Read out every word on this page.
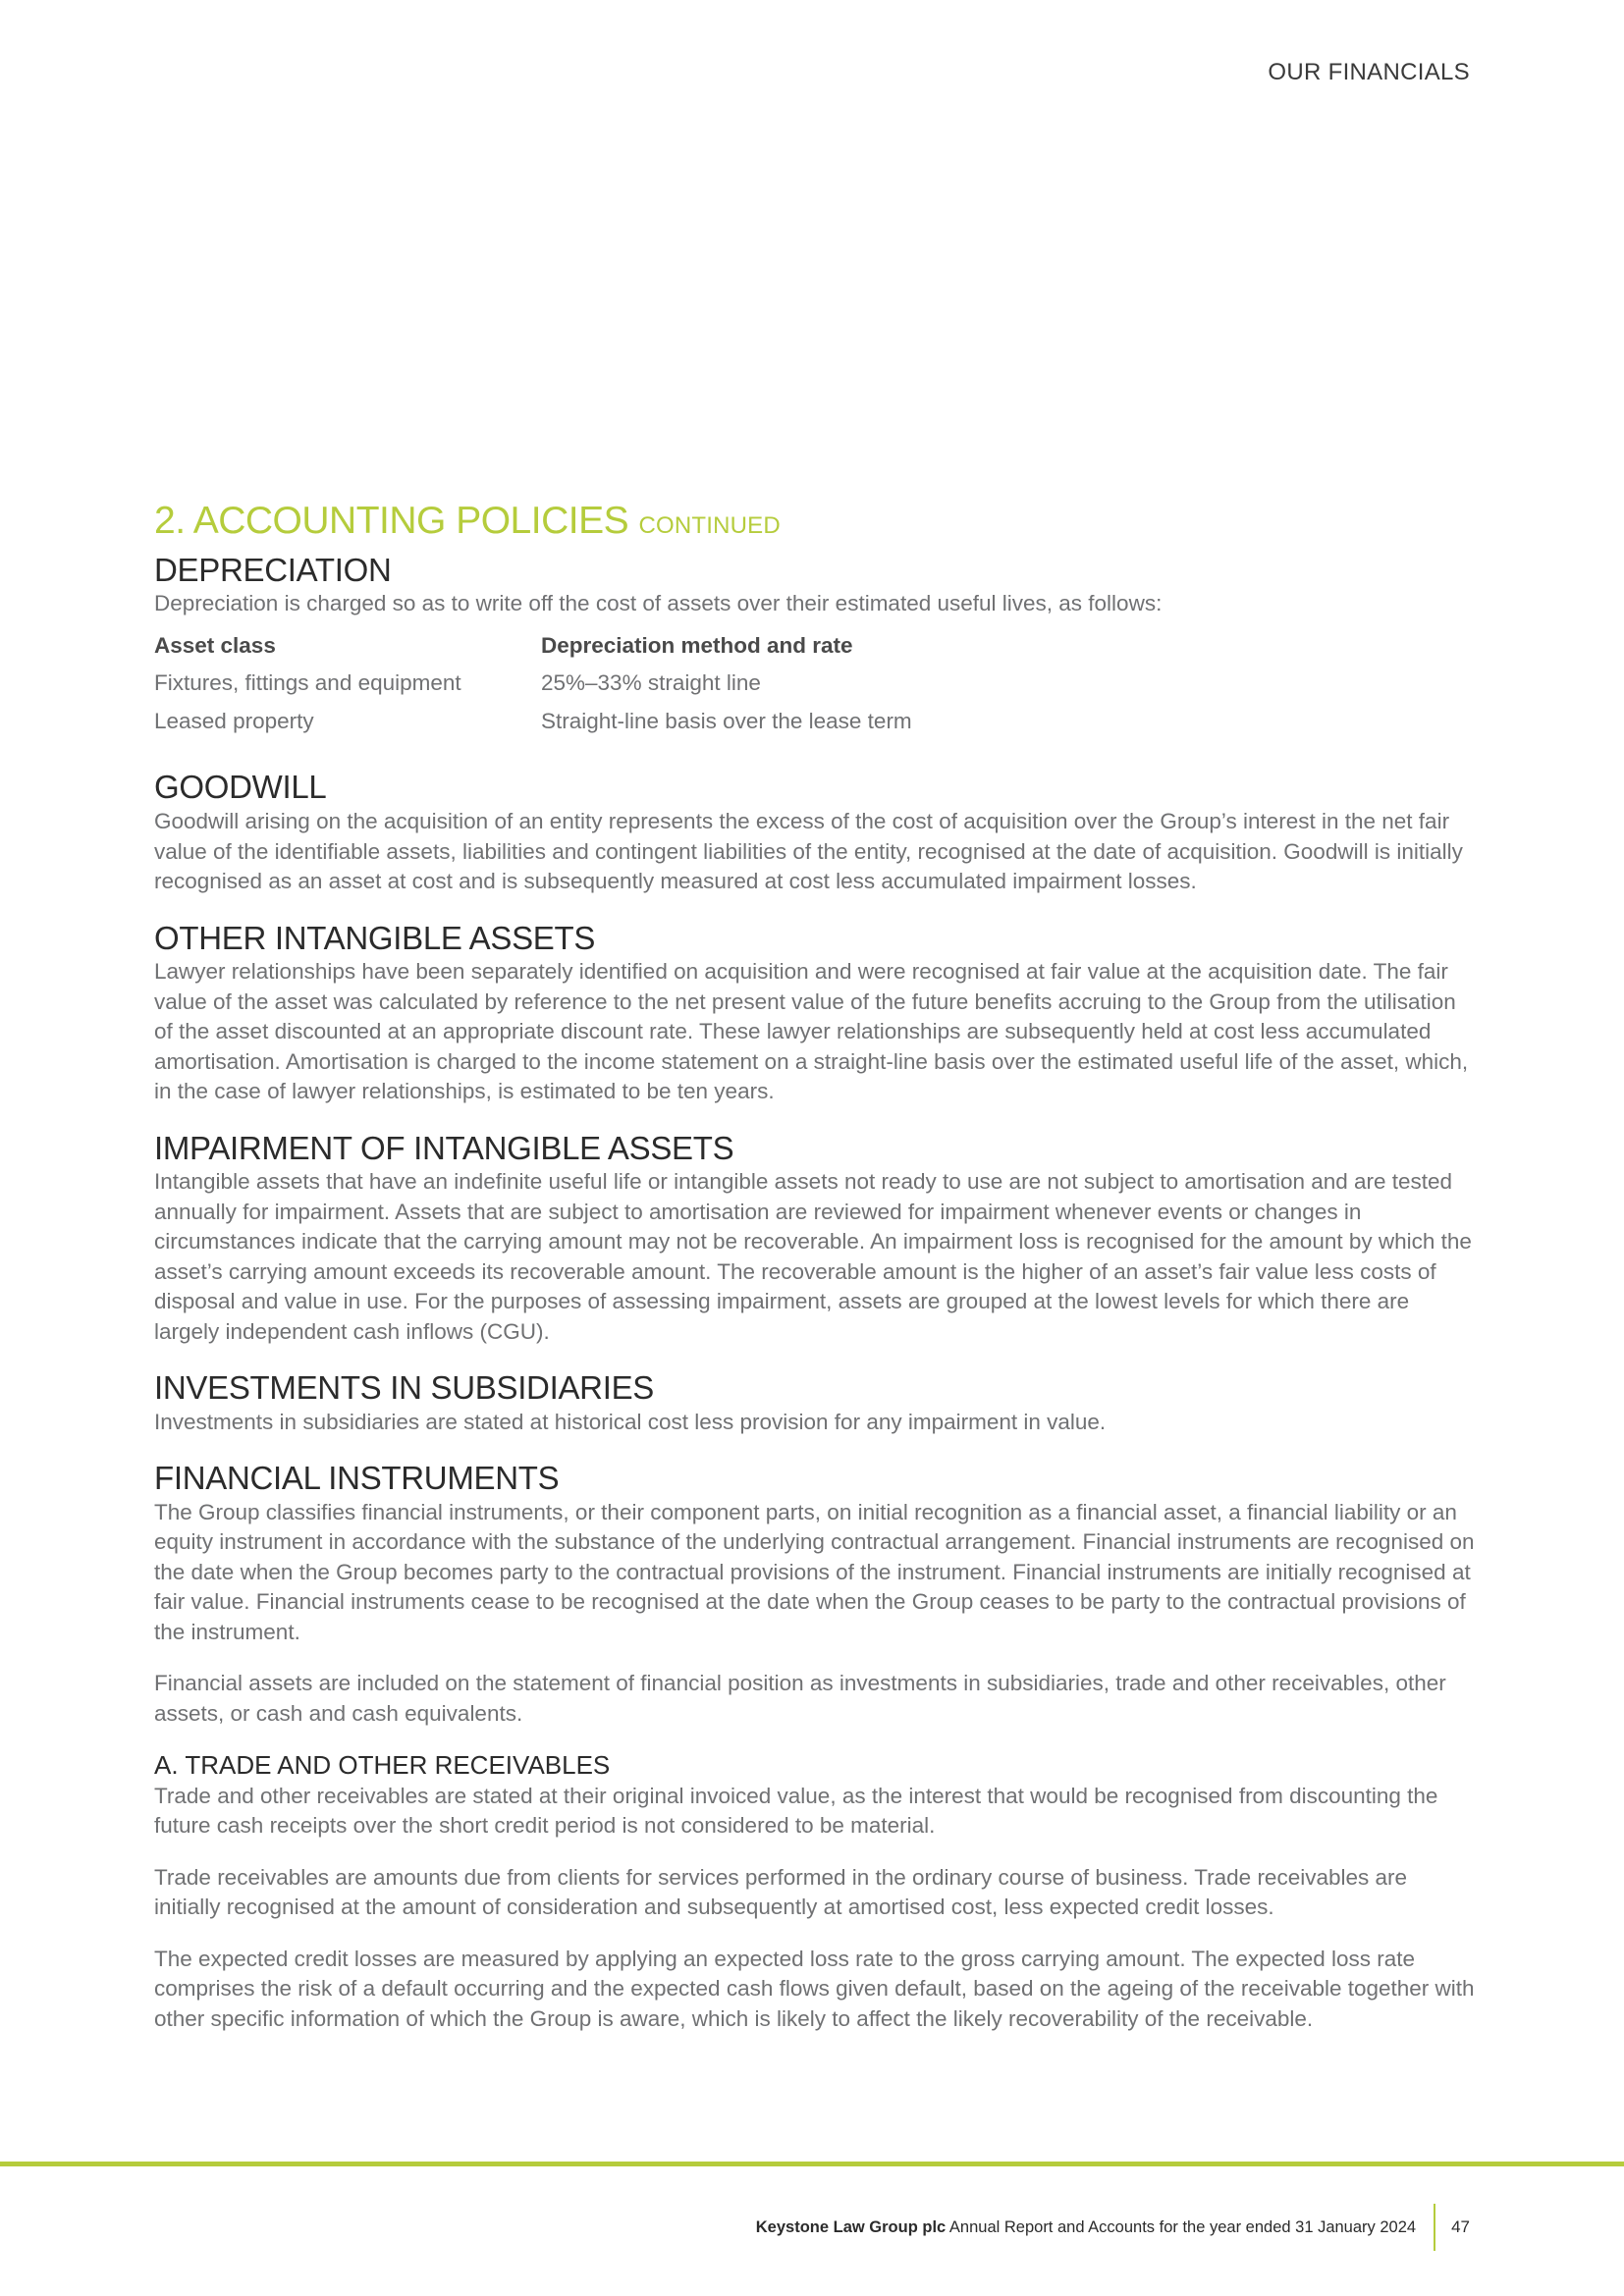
OUR FINANCIALS
2. ACCOUNTING POLICIES CONTINUED
DEPRECIATION

Depreciation is charged so as to write off the cost of assets over their estimated useful lives, as follows:

Asset class	Depreciation method and rate
Fixtures, fittings and equipment	25%–33% straight line
Leased property	Straight-line basis over the lease term
GOODWILL

Goodwill arising on the acquisition of an entity represents the excess of the cost of acquisition over the Group’s interest in the net fair value of the identifiable assets, liabilities and contingent liabilities of the entity, recognised at the date of acquisition. Goodwill is initially recognised as an asset at cost and is subsequently measured at cost less accumulated impairment losses.

OTHER INTANGIBLE ASSETS

Lawyer relationships have been separately identified on acquisition and were recognised at fair value at the acquisition date. The fair value of the asset was calculated by reference to the net present value of the future benefits accruing to the Group from the utilisation of the asset discounted at an appropriate discount rate. These lawyer relationships are subsequently held at cost less accumulated amortisation. Amortisation is charged to the income statement on a straight-line basis over the estimated useful life of the asset, which, in the case of lawyer relationships, is estimated to be ten years.

IMPAIRMENT OF INTANGIBLE ASSETS

Intangible assets that have an indefinite useful life or intangible assets not ready to use are not subject to amortisation and are tested annually for impairment. Assets that are subject to amortisation are reviewed for impairment whenever events or changes in circumstances indicate that the carrying amount may not be recoverable. An impairment loss is recognised for the amount by which the asset’s carrying amount exceeds its recoverable amount. The recoverable amount is the higher of an asset’s fair value less costs of disposal and value in use. For the purposes of assessing impairment, assets are grouped at the lowest levels for which there are largely independent cash inflows (CGU).

INVESTMENTS IN SUBSIDIARIES

Investments in subsidiaries are stated at historical cost less provision for any impairment in value.

FINANCIAL INSTRUMENTS

The Group classifies financial instruments, or their component parts, on initial recognition as a financial asset, a financial liability or an equity instrument in accordance with the substance of the underlying contractual arrangement. Financial instruments are recognised on the date when the Group becomes party to the contractual provisions of the instrument. Financial instruments are initially recognised at fair value. Financial instruments cease to be recognised at the date when the Group ceases to be party to the contractual provisions of the instrument.

Financial assets are included on the statement of financial position as investments in subsidiaries, trade and other receivables, other assets, or cash and cash equivalents.

A. TRADE AND OTHER RECEIVABLES

Trade and other receivables are stated at their original invoiced value, as the interest that would be recognised from discounting the future cash receipts over the short credit period is not considered to be material.

Trade receivables are amounts due from clients for services performed in the ordinary course of business. Trade receivables are initially recognised at the amount of consideration and subsequently at amortised cost, less expected credit losses.

The expected credit losses are measured by applying an expected loss rate to the gross carrying amount. The expected loss rate comprises the risk of a default occurring and the expected cash flows given default, based on the ageing of the receivable together with other specific information of which the Group is aware, which is likely to affect the likely recoverability of the receivable.

Keystone Law Group plc Annual Report and Accounts for the year ended 31 January 2024 47
